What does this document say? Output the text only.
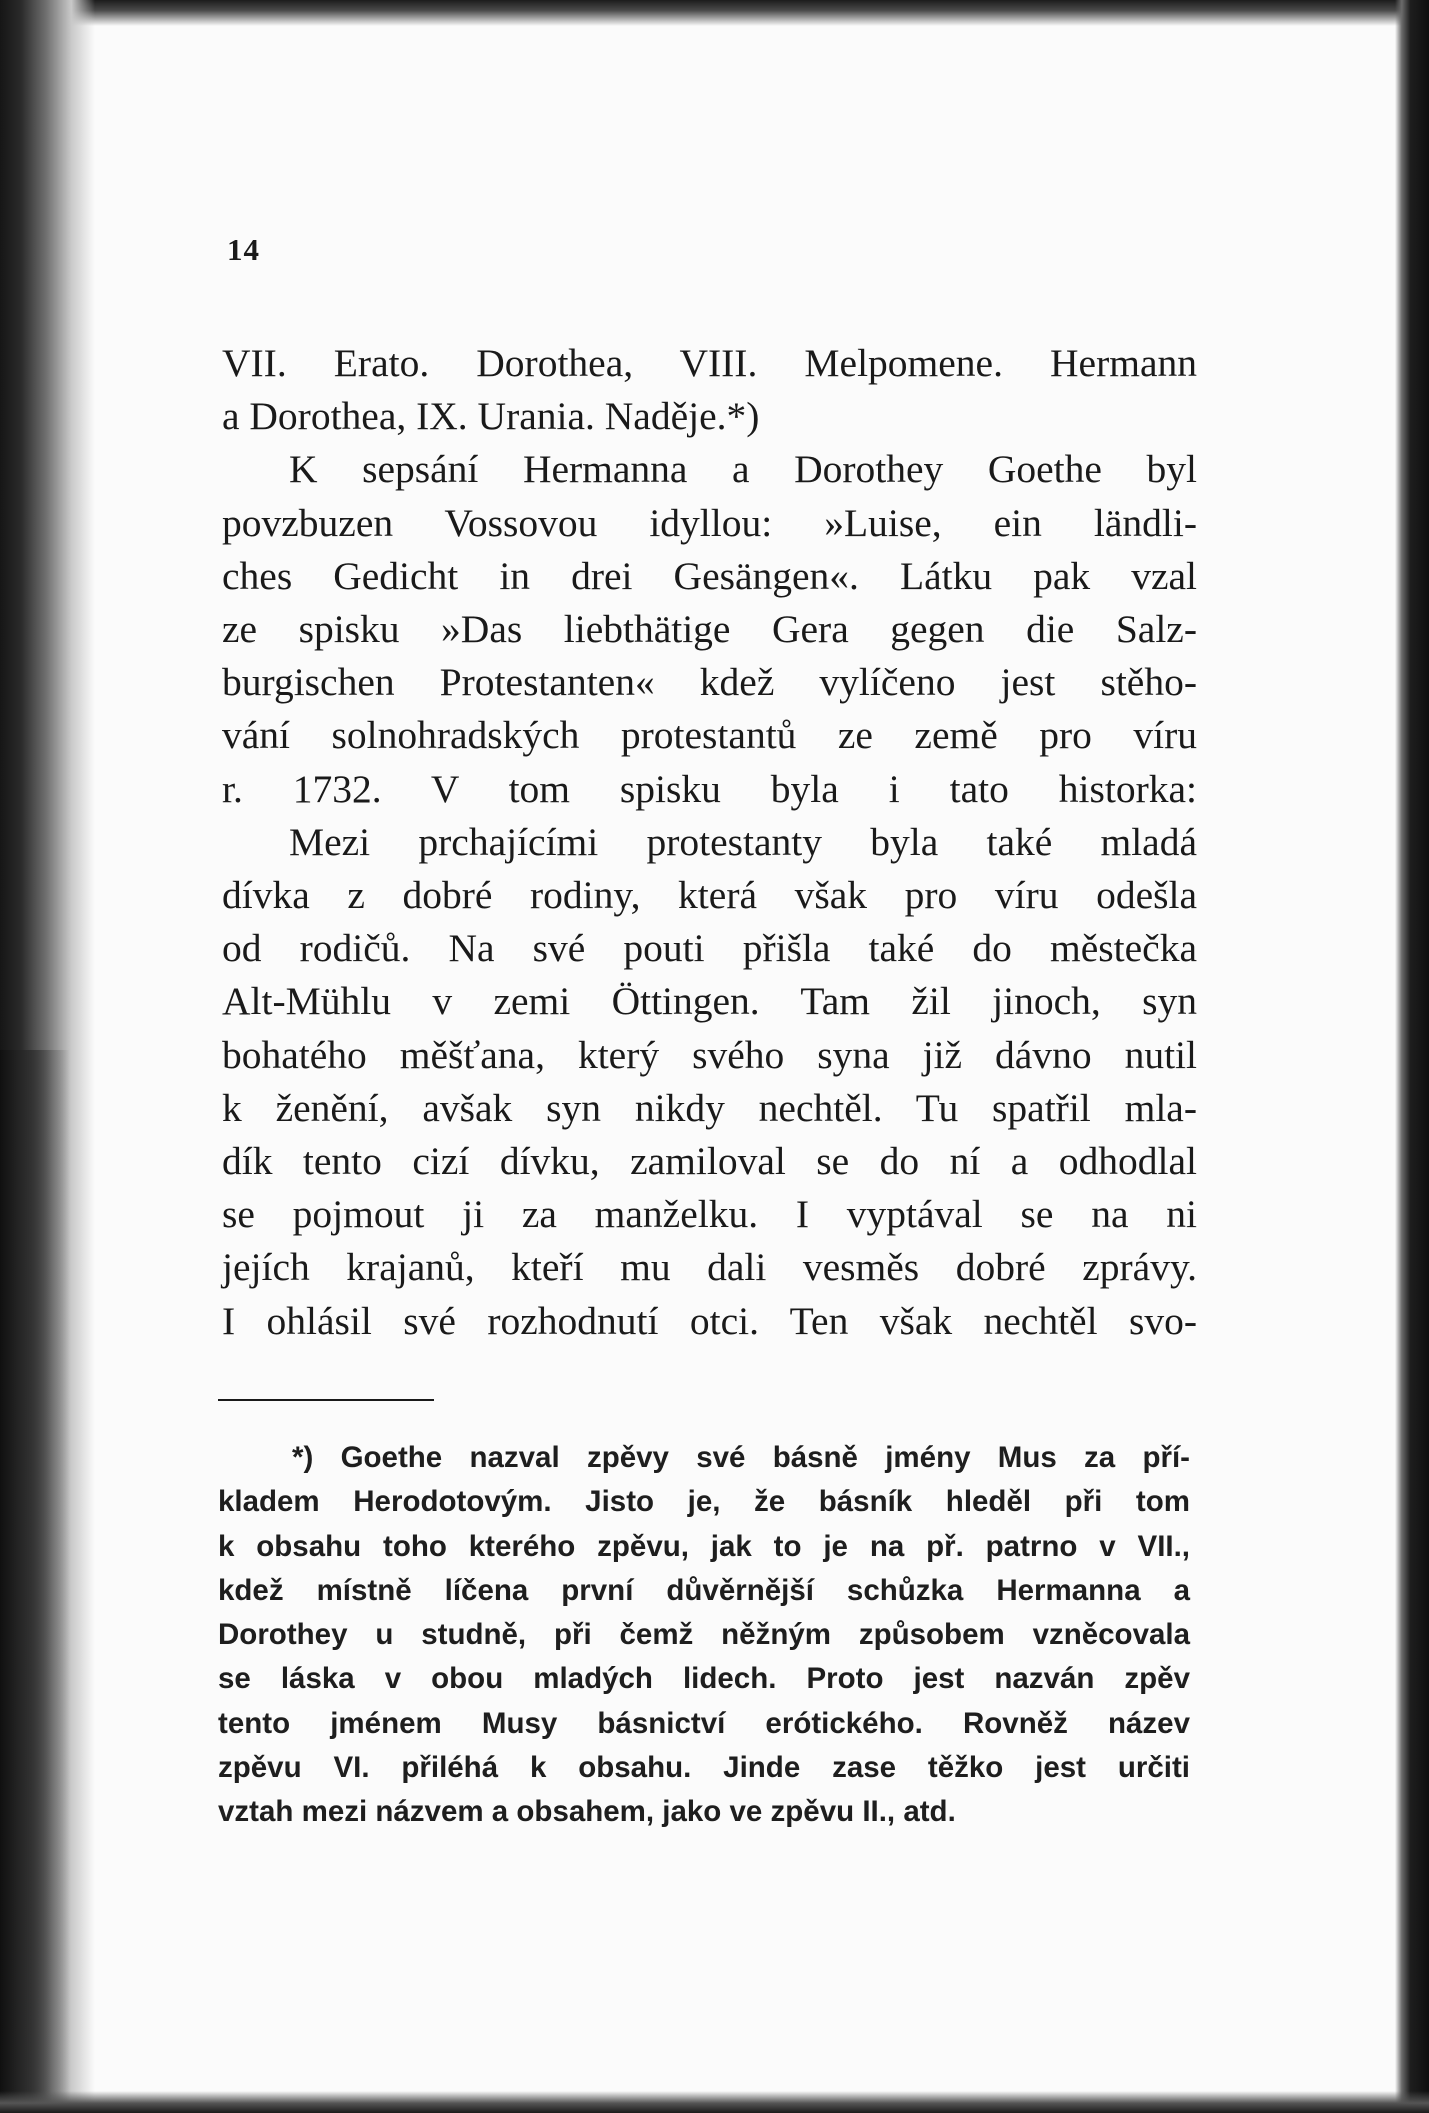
14
VII. Erato. Dorothea, VIII. Melpomene. Hermann
a Dorothea, IX. Urania. Naděje.*)
K sepsání Hermanna a Dorothey Goethe byl
povzbuzen Vossovou idyllou: »Luise, ein ländli-
ches Gedicht in drei Gesängen«. Látku pak vzal
ze spisku »Das liebthätige Gera gegen die Salz-
burgischen Protestanten« kdež vylíčeno jest stěho-
vání solnohradských protestantů ze země pro víru
r. 1732. V tom spisku byla i tato historka:
Mezi prchajícími protestanty byla také mladá
dívka z dobré rodiny, která však pro víru odešla
od rodičů. Na své pouti přišla také do městečka
Alt-Mühlu v zemi Öttingen. Tam žil jinoch, syn
bohatého měšťana, který svého syna již dávno nutil
k ženění, avšak syn nikdy nechtěl. Tu spatřil mla-
dík tento cizí dívku, zamiloval se do ní a odhodlal
se pojmout ji za manželku. I vyptával se na ni
jejích krajanů, kteří mu dali vesměs dobré zprávy.
I ohlásil své rozhodnutí otci. Ten však nechtěl svo-
*) Goethe nazval zpěvy své básně jmény Mus za pří-
kladem Herodotovým. Jisto je, že básník hleděl při tom
k obsahu toho kterého zpěvu, jak to je na př. patrno v VII.,
kdež místně líčena první důvěrnější schůzka Hermanna a
Dorothey u studně, při čemž něžným způsobem vzněcovala
se láska v obou mladých lidech. Proto jest nazván zpěv
tento jménem Musy básnictví erótického. Rovněž název
zpěvu VI. přiléhá k obsahu. Jinde zase těžko jest určiti
vztah mezi názvem a obsahem, jako ve zpěvu II., atd.
